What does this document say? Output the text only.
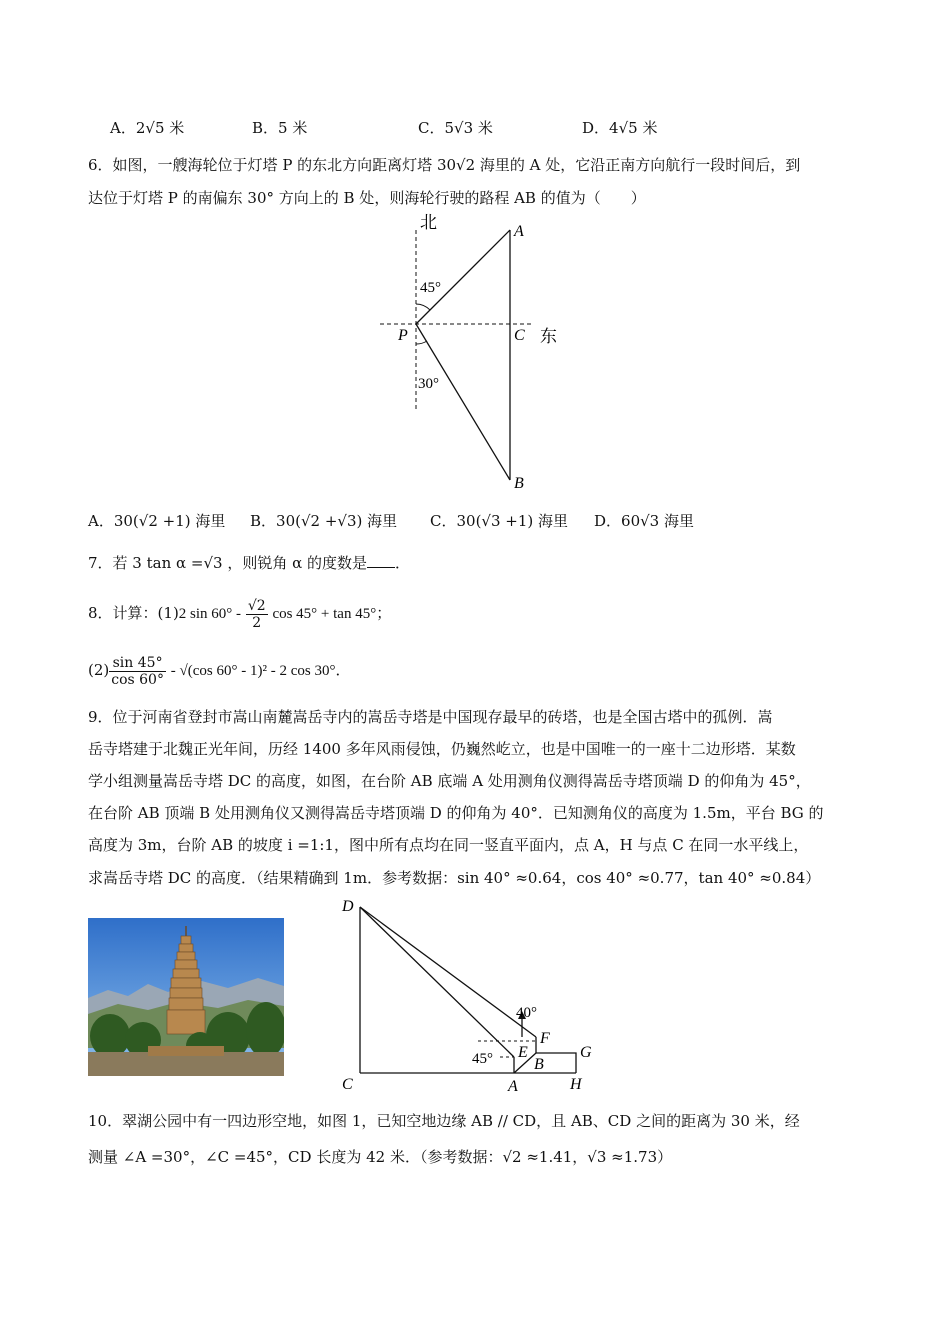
A．2√5 米	B．5 米	C．5√3 米	D．4√5 米
6．如图，一艘海轮位于灯塔 P 的东北方向距离灯塔 30√2 海里的 A 处，它沿正南方向航行一段时间后，到
达位于灯塔 P 的南偏东 30° 方向上的 B 处，则海轮行驶的路程 AB 的值为（　　）
北
东
A
P	C
B
45°
30°
A．30(√2 +1) 海里 B．30(√2 +√3) 海里 C．30(√3 +1) 海里 D．60√3 海里
7．若 3 tan α =√3 ，则锐角 α 的度数是 ．
8．计算：(1)2 $\sin 60^\circ - \frac{√2}{2}$ cos 45° + tan 45°；
$(2) \frac{\sin 45^\circ}{\cos 60^\circ} - √(\cos$ 60° - 1)² - 2 cos 30°．
9．位于河南省登封市嵩山南麓嵩岳寺内的嵩岳寺塔是中国现存最早的砖塔，也是全国古塔中的孤例．嵩
岳寺塔建于北魏正光年间，历经 1400 多年风雨侵蚀，仍巍然屹立，也是中国唯一的一座十二边形塔．某数
学小组测量嵩岳寺塔 DC 的高度，如图，在台阶 AB 底端 A 处用测角仪测得嵩岳寺塔顶端 D 的仰角为 45°，
在台阶 AB 顶端 B 处用测角仪又测得嵩岳寺塔顶端 D 的仰角为 40°．已知测角仪的高度为 1.5m，平台 BG 的
高度为 3m，台阶 AB 的坡度 i =1:1，图中所有点均在同一竖直平面内，点 A，H 与点 C 在同一水平线上，
求嵩岳寺塔 DC 的高度．（结果精确到 1m．参考数据：sin 40° ≈0.64，cos 40° ≈0.77，tan 40° ≈0.84）
D
C	A
B
E
F
G
H
45°
40°
10．翠湖公园中有一四边形空地，如图 1，已知空地边缘 AB // CD，且 AB、CD 之间的距离为 30 米，经
测量 ∠A =30°，∠C =45°，CD 长度为 42 米．（参考数据：√2 ≈1.41，√3 ≈1.73）
